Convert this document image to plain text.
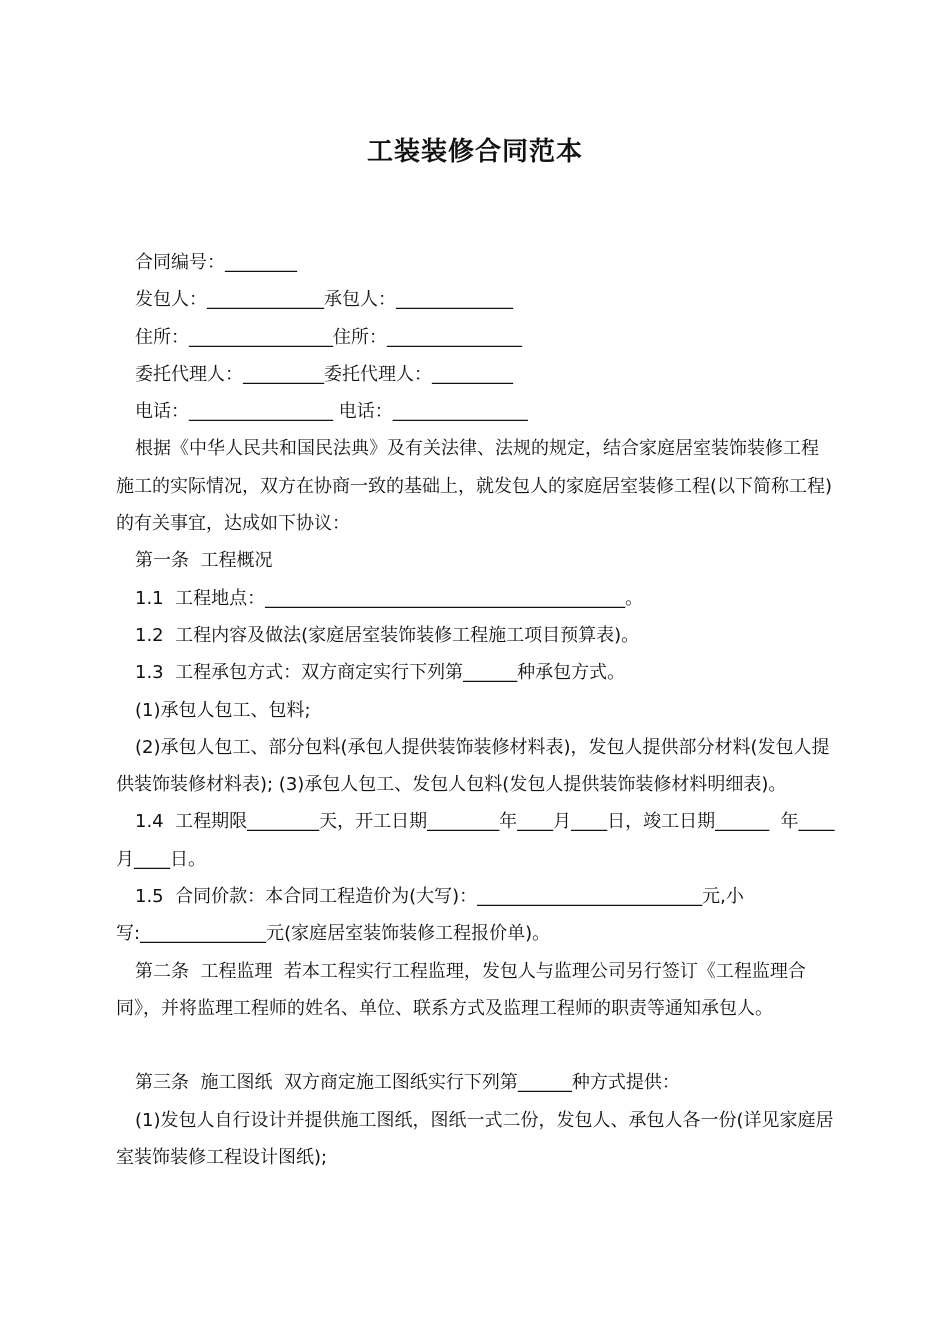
工装装修合同范本

合同编号：________

发包人：_____________承包人：_____________

住所：________________住所：_______________

委托代理人：_________委托代理人：_________

电话：________________ 电话：_______________

根据《中华人民共和国民法典》及有关法律、法规的规定，结合家庭居室装饰装修工程施工的实际情况，双方在协商一致的基础上，就发包人的家庭居室装修工程(以下简称工程)的有关事宜，达成如下协议：

第一条  工程概况

1.1  工程地点：________________________________________。

1.2  工程内容及做法(家庭居室装饰装修工程施工项目预算表)。

1.3  工程承包方式：双方商定实行下列第______种承包方式。

(1)承包人包工、包料;

(2)承包人包工、部分包料(承包人提供装饰装修材料表)，发包人提供部分材料(发包人提供装饰装修材料表); (3)承包人包工、发包人包料(发包人提供装饰装修材料明细表)。

1.4  工程期限________天，开工日期________年____月____日，竣工日期______  年____月____日。

1.5  合同价款：本合同工程造价为(大写)：_________________________元,小写:______________元(家庭居室装饰装修工程报价单)。

第二条  工程监理  若本工程实行工程监理，发包人与监理公司另行签订《工程监理合同》，并将监理工程师的姓名、单位、联系方式及监理工程师的职责等通知承包人。

第三条  施工图纸  双方商定施工图纸实行下列第______种方式提供：

(1)发包人自行设计并提供施工图纸，图纸一式二份，发包人、承包人各一份(详见家庭居室装饰装修工程设计图纸);
